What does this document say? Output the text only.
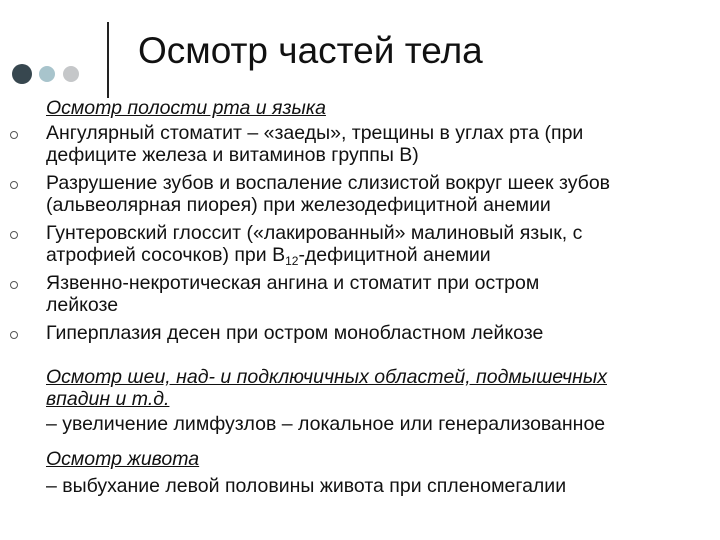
Осмотр частей тела
Осмотр полости рта и языка
Ангулярный стоматит – «заеды», трещины в углах рта (при
дефиците железа и витаминов группы В)
Разрушение зубов и воспаление слизистой вокруг шеек зубов
(альвеолярная пиорея) при железодефицитной анемии
Гунтеровский глоссит («лакированный» малиновый язык, с
атрофией сосочков) при $В_{12}$-дефицитной анемии
Язвенно-некротическая ангина и стоматит при остром
лейкозе
Гиперплазия десен при остром монобластном лейкозе
Осмотр шеи, над- и подключичных областей, подмышечных
впадин и т.д.
– увеличение лимфузлов – локальное или генерализованное
Осмотр живота
– выбухание левой половины живота при спленомегалии
